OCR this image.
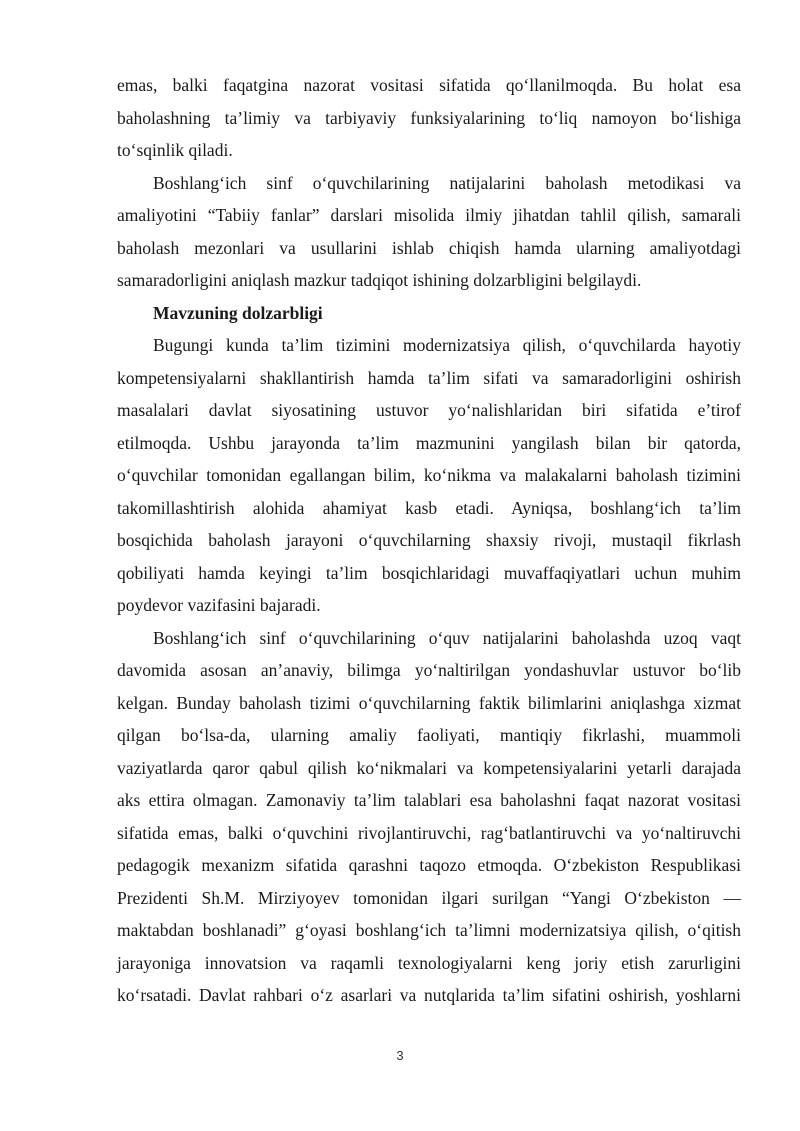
emas, balki faqatgina nazorat vositasi sifatida qo‘llanilmoqda. Bu holat esa
baholashning ta’limiy va tarbiyaviy funksiyalarining to‘liq namoyon bo‘lishiga
to‘sqinlik qiladi.
Boshlang‘ich sinf o‘quvchilarining natijalarini baholash metodikasi va
amaliyotini “Tabiiy fanlar” darslari misolida ilmiy jihatdan tahlil qilish, samarali
baholash mezonlari va usullarini ishlab chiqish hamda ularning amaliyotdagi
samaradorligini aniqlash mazkur tadqiqot ishining dolzarbligini belgilaydi.
Mavzuning dolzarbligi
Bugungi kunda ta’lim tizimini modernizatsiya qilish, o‘quvchilarda hayotiy
kompetensiyalarni shakllantirish hamda ta’lim sifati va samaradorligini oshirish
masalalari davlat siyosatining ustuvor yo‘nalishlaridan biri sifatida e’tirof
etilmoqda. Ushbu jarayonda ta’lim mazmunini yangilash bilan bir qatorda,
o‘quvchilar tomonidan egallangan bilim, ko‘nikma va malakalarni baholash tizimini
takomillashtirish alohida ahamiyat kasb etadi. Ayniqsa, boshlang‘ich ta’lim
bosqichida baholash jarayoni o‘quvchilarning shaxsiy rivoji, mustaqil fikrlash
qobiliyati hamda keyingi ta’lim bosqichlaridagi muvaffaqiyatlari uchun muhim
poydevor vazifasini bajaradi.
Boshlang‘ich sinf o‘quvchilarining o‘quv natijalarini baholashda uzoq vaqt
davomida asosan an’anaviy, bilimga yo‘naltirilgan yondashuvlar ustuvor bo‘lib
kelgan. Bunday baholash tizimi o‘quvchilarning faktik bilimlarini aniqlashga xizmat
qilgan bo‘lsa-da, ularning amaliy faoliyati, mantiqiy fikrlashi, muammoli
vaziyatlarda qaror qabul qilish ko‘nikmalari va kompetensiyalarini yetarli darajada
aks ettira olmagan. Zamonaviy ta’lim talablari esa baholashni faqat nazorat vositasi
sifatida emas, balki o‘quvchini rivojlantiruvchi, rag‘batlantiruvchi va yo‘naltiruvchi
pedagogik mexanizm sifatida qarashni taqozo etmoqda. O‘zbekiston Respublikasi
Prezidenti Sh.M. Mirziyoyev tomonidan ilgari surilgan “Yangi O‘zbekiston —
maktabdan boshlanadi” g‘oyasi boshlang‘ich ta’limni modernizatsiya qilish, o‘qitish
jarayoniga innovatsion va raqamli texnologiyalarni keng joriy etish zarurligini
ko‘rsatadi. Davlat rahbari o‘z asarlari va nutqlarida ta’lim sifatini oshirish, yoshlarni
3
